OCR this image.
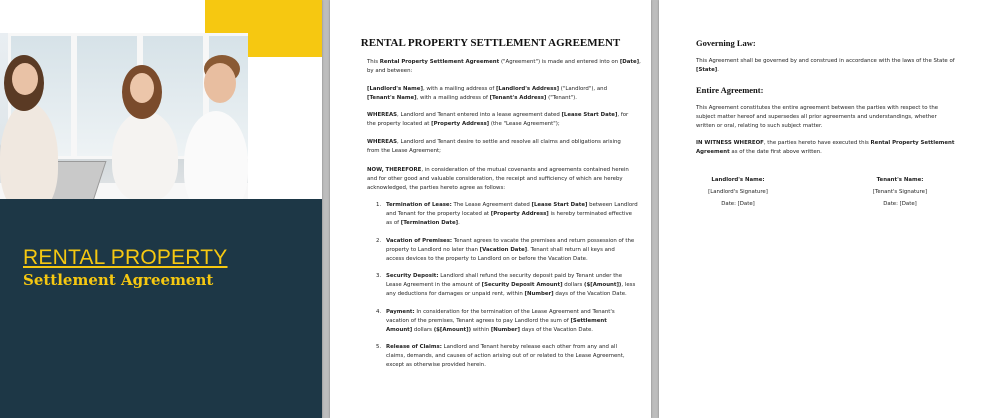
RENTAL PROPERTY
Settlement Agreement
RENTAL PROPERTY SETTLEMENT AGREEMENT
This Rental Property Settlement Agreement ("Agreement") is made and entered into on [Date],
by and between:
[Landlord's Name], with a mailing address of [Landlord's Address] ("Landlord"), and
[Tenant's Name], with a mailing address of [Tenant's Address] ("Tenant").
WHEREAS, Landlord and Tenant entered into a lease agreement dated [Lease Start Date], for
the property located at [Property Address] (the "Lease Agreement");
WHEREAS, Landlord and Tenant desire to settle and resolve all claims and obligations arising
from the Lease Agreement;
NOW, THEREFORE, in consideration of the mutual covenants and agreements contained herein
and for other good and valuable consideration, the receipt and sufficiency of which are hereby
acknowledged, the parties hereto agree as follows:
1. Termination of Lease: The Lease Agreement dated [Lease Start Date] between Landlord
and Tenant for the property located at [Property Address] is hereby terminated effective
as of [Termination Date].
2. Vacation of Premises: Tenant agrees to vacate the premises and return possession of the
property to Landlord no later than [Vacation Date]. Tenant shall return all keys and
access devices to the property to Landlord on or before the Vacation Date.
3. Security Deposit: Landlord shall refund the security deposit paid by Tenant under the
Lease Agreement in the amount of [Security Deposit Amount] dollars ($[Amount]), less
any deductions for damages or unpaid rent, within [Number] days of the Vacation Date.
4. Payment: In consideration for the termination of the Lease Agreement and Tenant's
vacation of the premises, Tenant agrees to pay Landlord the sum of [Settlement
Amount] dollars ($[Amount]) within [Number] days of the Vacation Date.
5. Release of Claims: Landlord and Tenant hereby release each other from any and all
claims, demands, and causes of action arising out of or related to the Lease Agreement,
except as otherwise provided herein.
Governing Law:
This Agreement shall be governed by and construed in accordance with the laws of the State of
[State].
Entire Agreement:
This Agreement constitutes the entire agreement between the parties with respect to the
subject matter hereof and supersedes all prior agreements and understandings, whether
written or oral, relating to such subject matter.
IN WITNESS WHEREOF, the parties hereto have executed this Rental Property Settlement
Agreement as of the date first above written.
Landlord's Name:
[Landlord's Signature]
Date: [Date]
Tenant's Name:
[Tenant's Signature]
Date: [Date]
